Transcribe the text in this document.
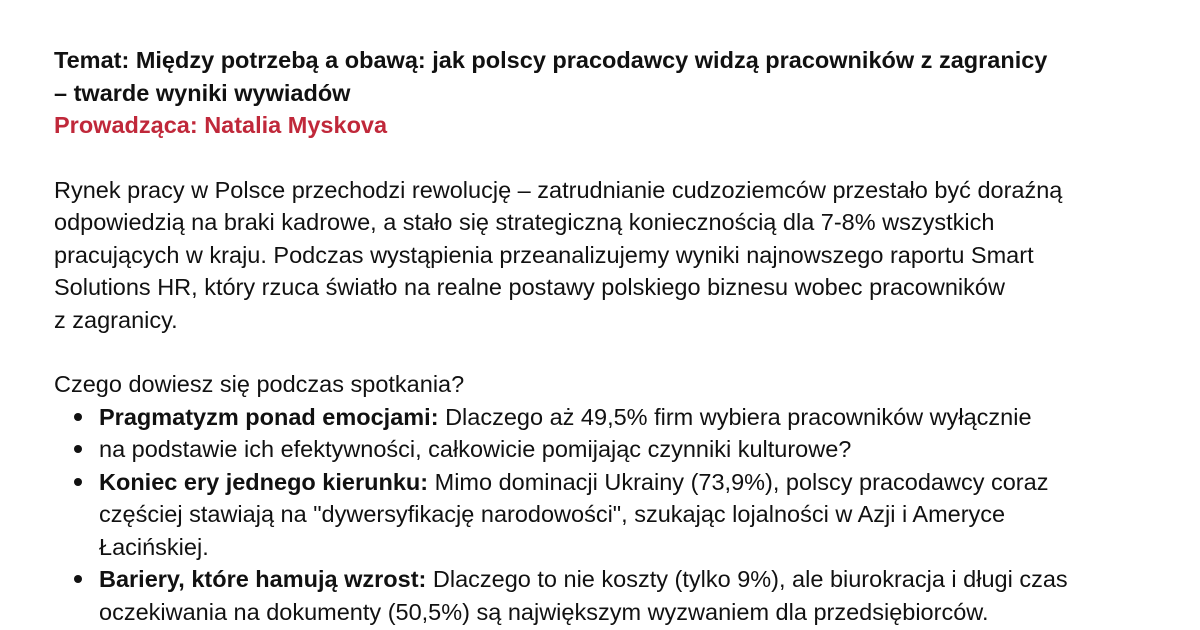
Temat: Między potrzebą a obawą: jak polscy pracodawcy widzą pracowników z zagranicy
– twarde wyniki wywiadów
Prowadząca: Natalia Myskova
Rynek pracy w Polsce przechodzi rewolucję – zatrudnianie cudzoziemców przestało być doraźną
odpowiedzią na braki kadrowe, a stało się strategiczną koniecznością dla 7-8% wszystkich
pracujących w kraju. Podczas wystąpienia przeanalizujemy wyniki najnowszego raportu Smart
Solutions HR, który rzuca światło na realne postawy polskiego biznesu wobec pracowników
z zagranicy.
Czego dowiesz się podczas spotkania?
Pragmatyzm ponad emocjami: Dlaczego aż 49,5% firm wybiera pracowników wyłącznie
na podstawie ich efektywności, całkowicie pomijając czynniki kulturowe?
Koniec ery jednego kierunku: Mimo dominacji Ukrainy (73,9%), polscy pracodawcy coraz
częściej stawiają na "dywersyfikację narodowości", szukając lojalności w Azji i Ameryce
Łacińskiej.
Bariery, które hamują wzrost: Dlaczego to nie koszty (tylko 9%), ale biurokracja i długi czas
oczekiwania na dokumenty (50,5%) są największym wyzwaniem dla przedsiębiorców.
